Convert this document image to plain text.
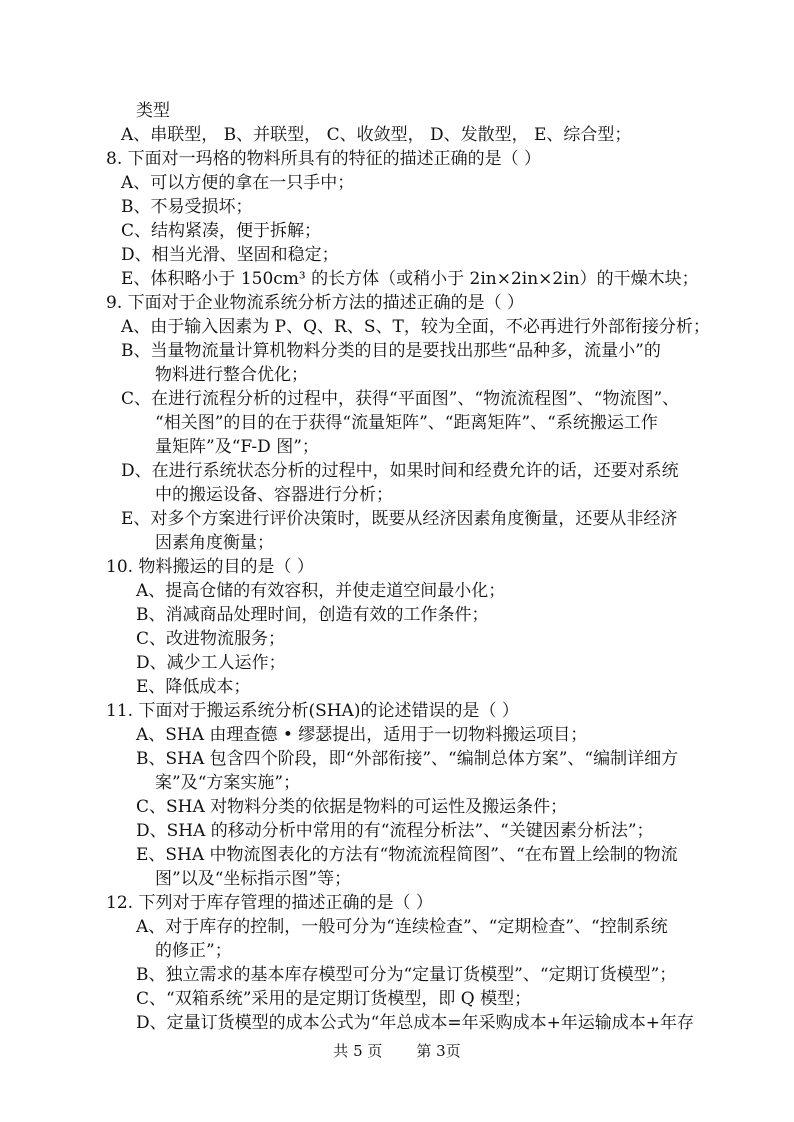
类型
A、串联型， B、并联型， C、收敛型， D、发散型， E、综合型；
8. 下面对一玛格的物料所具有的特征的描述正确的是（ ）
A、可以方便的拿在一只手中；
B、不易受损坏；
C、结构紧凑，便于拆解；
D、相当光滑、坚固和稳定；
E、体积略小于 150cm³ 的长方体（或稍小于 2in×2in×2in）的干燥木块；
9. 下面对于企业物流系统分析方法的描述正确的是（ ）
A、由于输入因素为 P、Q、R、S、T，较为全面，不必再进行外部衔接分析；
B、当量物流量计算机物料分类的目的是要找出那些“品种多，流量小”的
物料进行整合优化；
C、在进行流程分析的过程中，获得“平面图”、“物流流程图”、“物流图”、
“相关图”的目的在于获得“流量矩阵”、“距离矩阵”、“系统搬运工作
量矩阵”及“F-D 图”；
D、在进行系统状态分析的过程中，如果时间和经费允许的话，还要对系统
中的搬运设备、容器进行分析；
E、对多个方案进行评价决策时，既要从经济因素角度衡量，还要从非经济
因素角度衡量；
10. 物料搬运的目的是（ ）
A、提高仓储的有效容积，并使走道空间最小化；
B、消减商品处理时间，创造有效的工作条件；
C、改进物流服务；
D、减少工人运作；
E、降低成本；
11. 下面对于搬运系统分析(SHA)的论述错误的是（ ）
A、SHA 由理查德 • 缪瑟提出，适用于一切物料搬运项目；
B、SHA 包含四个阶段，即“外部衔接”、“编制总体方案”、“编制详细方
案”及“方案实施”；
C、SHA 对物料分类的依据是物料的可运性及搬运条件；
D、SHA 的移动分析中常用的有“流程分析法”、“关键因素分析法”；
E、SHA 中物流图表化的方法有“物流流程简图”、“在布置上绘制的物流
图”以及“坐标指示图”等；
12. 下列对于库存管理的描述正确的是（ ）
A、对于库存的控制，一般可分为“连续检查”、“定期检查”、“控制系统
的修正”；
B、独立需求的基本库存模型可分为“定量订货模型”、“定期订货模型”；
C、“双箱系统”采用的是定期订货模型，即 Q 模型；
D、定量订货模型的成本公式为“年总成本=年采购成本+年运输成本+年存
共 5 页 第 3页
